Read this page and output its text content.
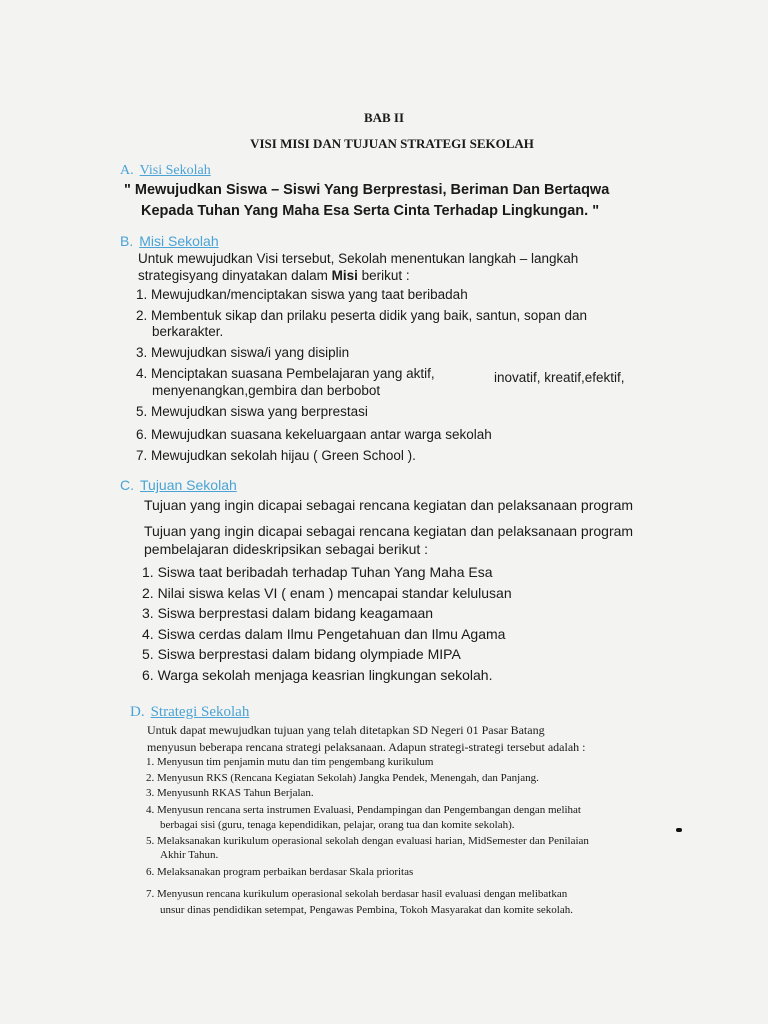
BAB II
VISI MISI DAN TUJUAN STRATEGI SEKOLAH
A. Visi Sekolah
" Mewujudkan Siswa – Siswi Yang Berprestasi, Beriman Dan Bertaqwa
Kepada Tuhan Yang Maha Esa Serta Cinta Terhadap Lingkungan. "
B. Misi Sekolah
Untuk mewujudkan Visi tersebut, Sekolah menentukan langkah – langkah
strategisyang dinyatakan dalam Misi berikut :
1. Mewujudkan/menciptakan siswa yang taat beribadah
2. Membentuk sikap dan prilaku peserta didik yang baik, santun, sopan dan
berkarakter.
3. Mewujudkan siswa/i yang disiplin
4. Menciptakan suasana Pembelajaran yang aktif,	inovatif, kreatif,efektif,
menyenangkan,gembira dan berbobot
5. Mewujudkan siswa yang berprestasi
6. Mewujudkan suasana kekeluargaan antar warga sekolah
7. Mewujudkan sekolah hijau ( Green School ).
C. Tujuan Sekolah
Tujuan yang ingin dicapai sebagai rencana kegiatan dan pelaksanaan program
Tujuan yang ingin dicapai sebagai rencana kegiatan dan pelaksanaan program
pembelajaran dideskripsikan sebagai berikut :
1. Siswa taat beribadah terhadap Tuhan Yang Maha Esa
2. Nilai siswa kelas VI ( enam ) mencapai standar kelulusan
3. Siswa berprestasi dalam bidang keagamaan
4. Siswa cerdas dalam Ilmu Pengetahuan dan Ilmu Agama
5. Siswa berprestasi dalam bidang olympiade MIPA
6. Warga sekolah menjaga keasrian lingkungan sekolah.
D. Strategi Sekolah
Untuk dapat mewujudkan tujuan yang telah ditetapkan SD Negeri 01 Pasar Batang
menyusun beberapa rencana strategi pelaksanaan. Adapun strategi-strategi tersebut adalah :
1. Menyusun tim penjamin mutu dan tim pengembang kurikulum
2. Menyusun RKS (Rencana Kegiatan Sekolah) Jangka Pendek, Menengah, dan Panjang.
3. Menyusunh RKAS Tahun Berjalan.
4. Menyusun rencana serta instrumen Evaluasi, Pendampingan dan Pengembangan dengan melihat
berbagai sisi (guru, tenaga kependidikan, pelajar, orang tua dan komite sekolah).
5. Melaksanakan kurikulum operasional sekolah dengan evaluasi harian, MidSemester dan Penilaian
Akhir Tahun.
6. Melaksanakan program perbaikan berdasar Skala prioritas
7. Menyusun rencana kurikulum operasional sekolah berdasar hasil evaluasi dengan melibatkan
unsur dinas pendidikan setempat, Pengawas Pembina, Tokoh Masyarakat dan komite sekolah.
